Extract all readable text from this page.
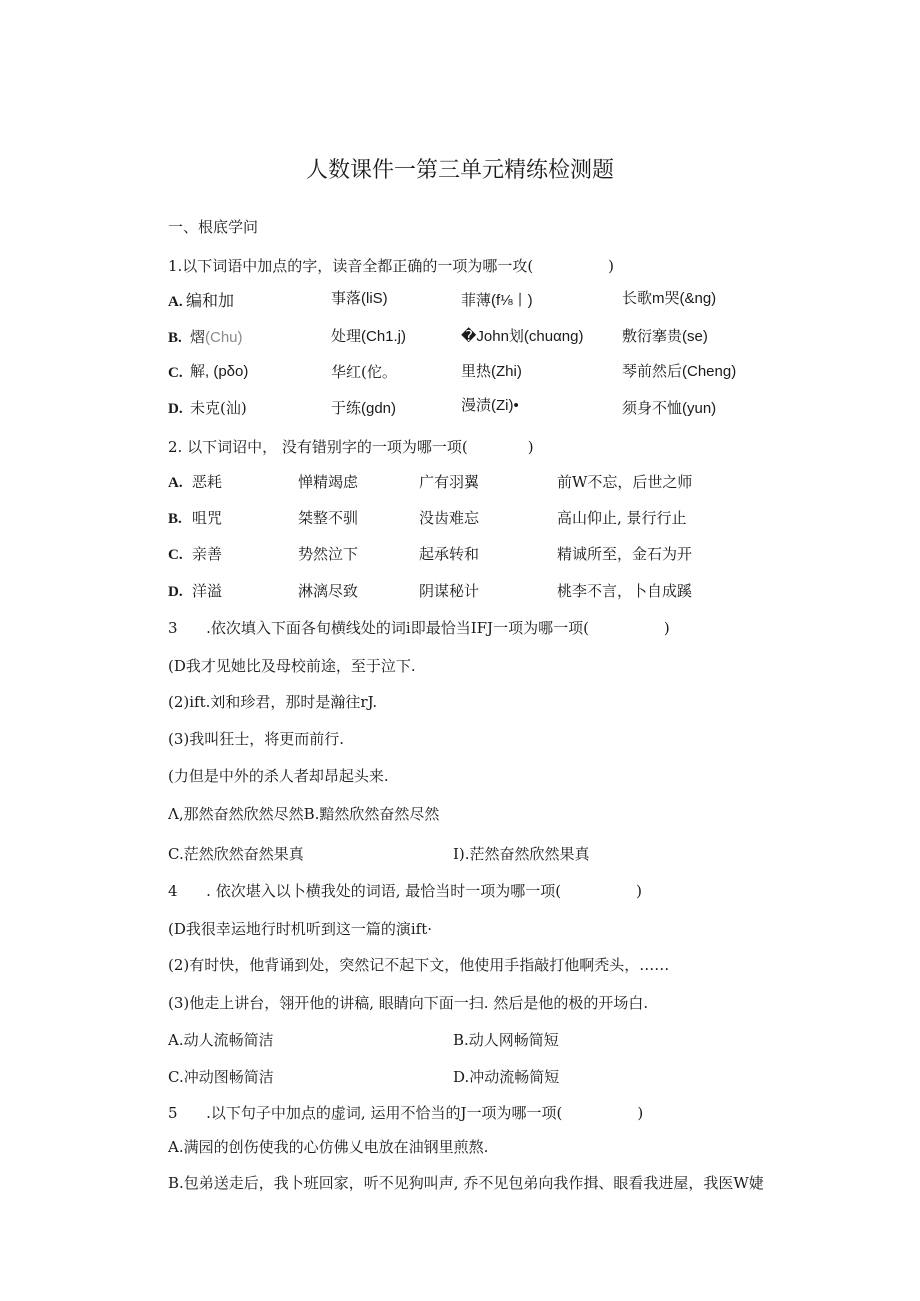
人数课件一第三单元精练检测题
一、根底学问
1.以下词语中加点的字，读音全都正确的一项为哪一攻(　　　　　)
A. 编和加	事落(liS)	菲薄(f⅛丨)	长歌m哭(&ng)
B. 熠(Chu)	处理(Ch1.j)	�John划(chuαng)	敷衍搴贵(se)
C. 解, (pδo)	华红(佗。	里热(Zhi)	琴前然后(Cheng)
D. 未克(汕)	于练(gdn)	漫渍(Zi)•	须身不恤(yun)
2. 以下词诏中， 没有错别字的一项为哪一项(　　　　)
A. 恶耗	惮精竭虑	广有羽翼	前W不忘，后世之师
B. 咀咒	桀整不驯	没齿难忘	高山仰止, 景行行止
C. 亲善	势然泣下	起承转和	精诚所至，金石为开
D. 洋溢	淋漓尽致	阴谋秘计	桃李不言，卜自成蹊
3	.依次填入下面各旬横线处的词i即最恰当IFJ一项为哪一项(　　　　　)
(D我才见她比及母校前途，至于泣下.
(2)ift.刘和珍君，那时是瀚往rJ.
(3)我叫狂士，将更而前行.
(力但是中外的杀人者却昂起头来.
Λ,那然奋然欣然尽然B.黯然欣然奋然尽然
C.茫然欣然奋然果真	I).茫然奋然欣然果真
4	. 依次堪入以卜横我处的词语, 最恰当时一项为哪一项(　　　　　)
(D我很幸运地行时机听到这一篇的演ift·
(2)有时快，他背诵到处，突然记不起下文，他使用手指敲打他啊秃头，……
(3)他走上讲台，翎开他的讲稿, 眼睛向下面一扫. 然后是他的极的开场白.
A.动人流畅简洁	B.动人网畅简短
C.冲动图畅简洁	D.冲动流畅简短
5	.以下句子中加点的虚词, 运用不恰当的J一项为哪一项(　　　　　)
A.满园的创伤使我的心仿佛乂电放在油钢里煎熬.
B.包弟送走后，我卜班回家，听不见狗叫声, 乔不见包弟向我作揖、眼看我进屋，我医W婕
